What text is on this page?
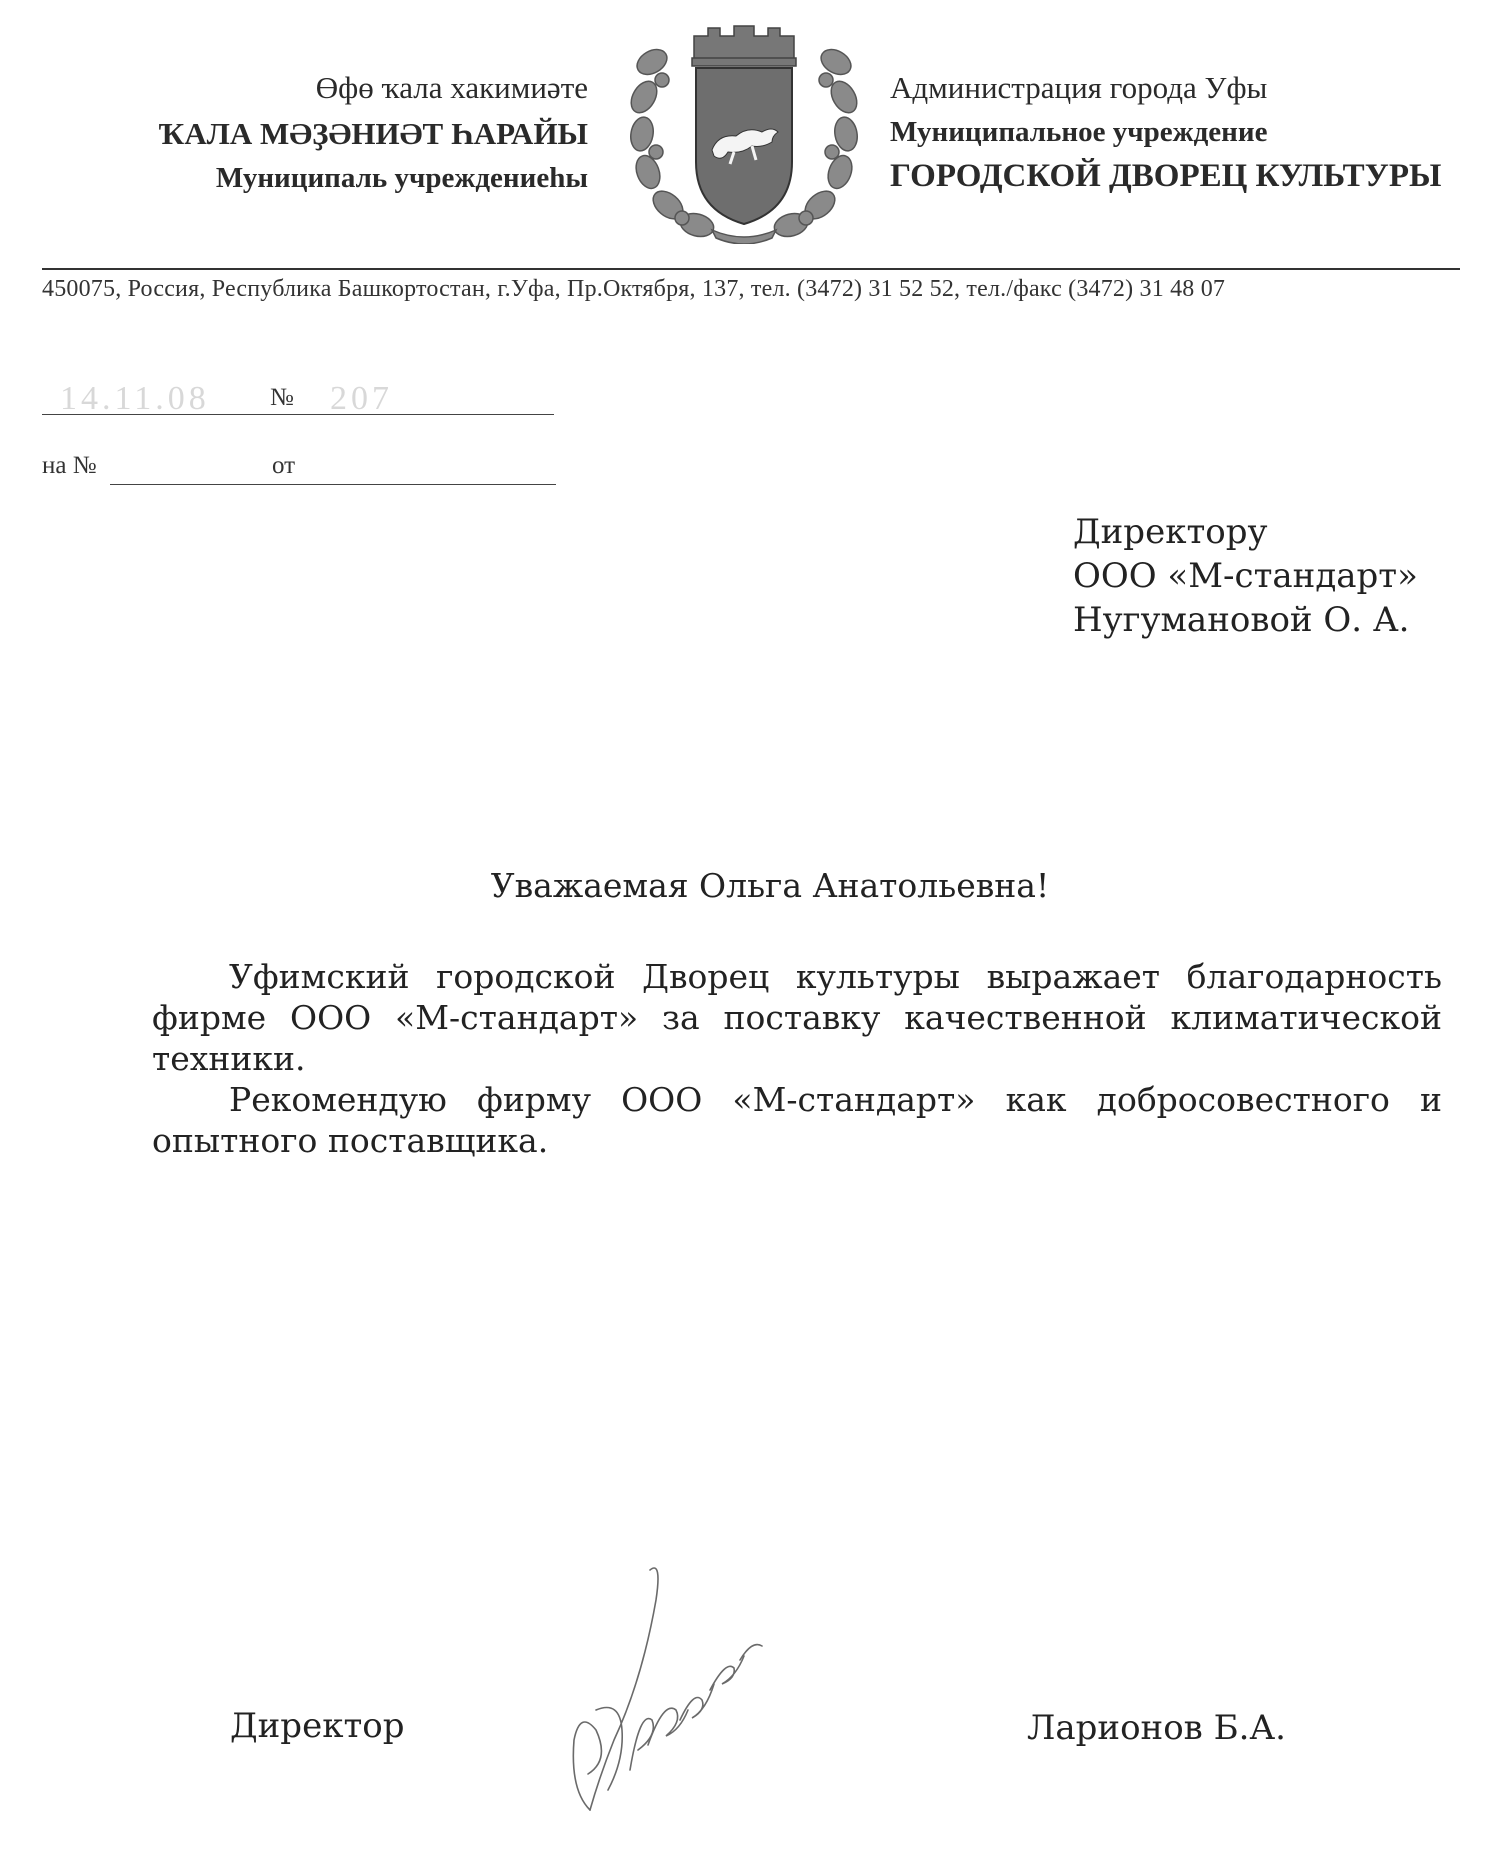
Өфө ҡала хакимиәте
ҠАЛА МӘҘӘНИӘТ ҺАРАЙЫ
Муниципаль учреждениеһы
Администрация города Уфы
Муниципальное учреждение
ГОРОДСКОЙ ДВОРЕЦ КУЛЬТУРЫ
450075, Россия, Республика Башкортостан, г.Уфа, Пр.Октября, 137, тел. (3472) 31 52 52, тел./факс (3472) 31 48 07
14.11.08	207
№
на №	от
Директору
ООО «М-стандарт»
Нугумановой О. А.
Уважаемая Ольга Анатольевна!

Уфимский городской Дворец культуры выражает благодарность фирме ООО «М-стандарт» за поставку качественной климатической техники.

Рекомендую фирму ООО «М-стандарт» как добросовестного и опытного поставщика.

Директор	Ларионов Б.А.
